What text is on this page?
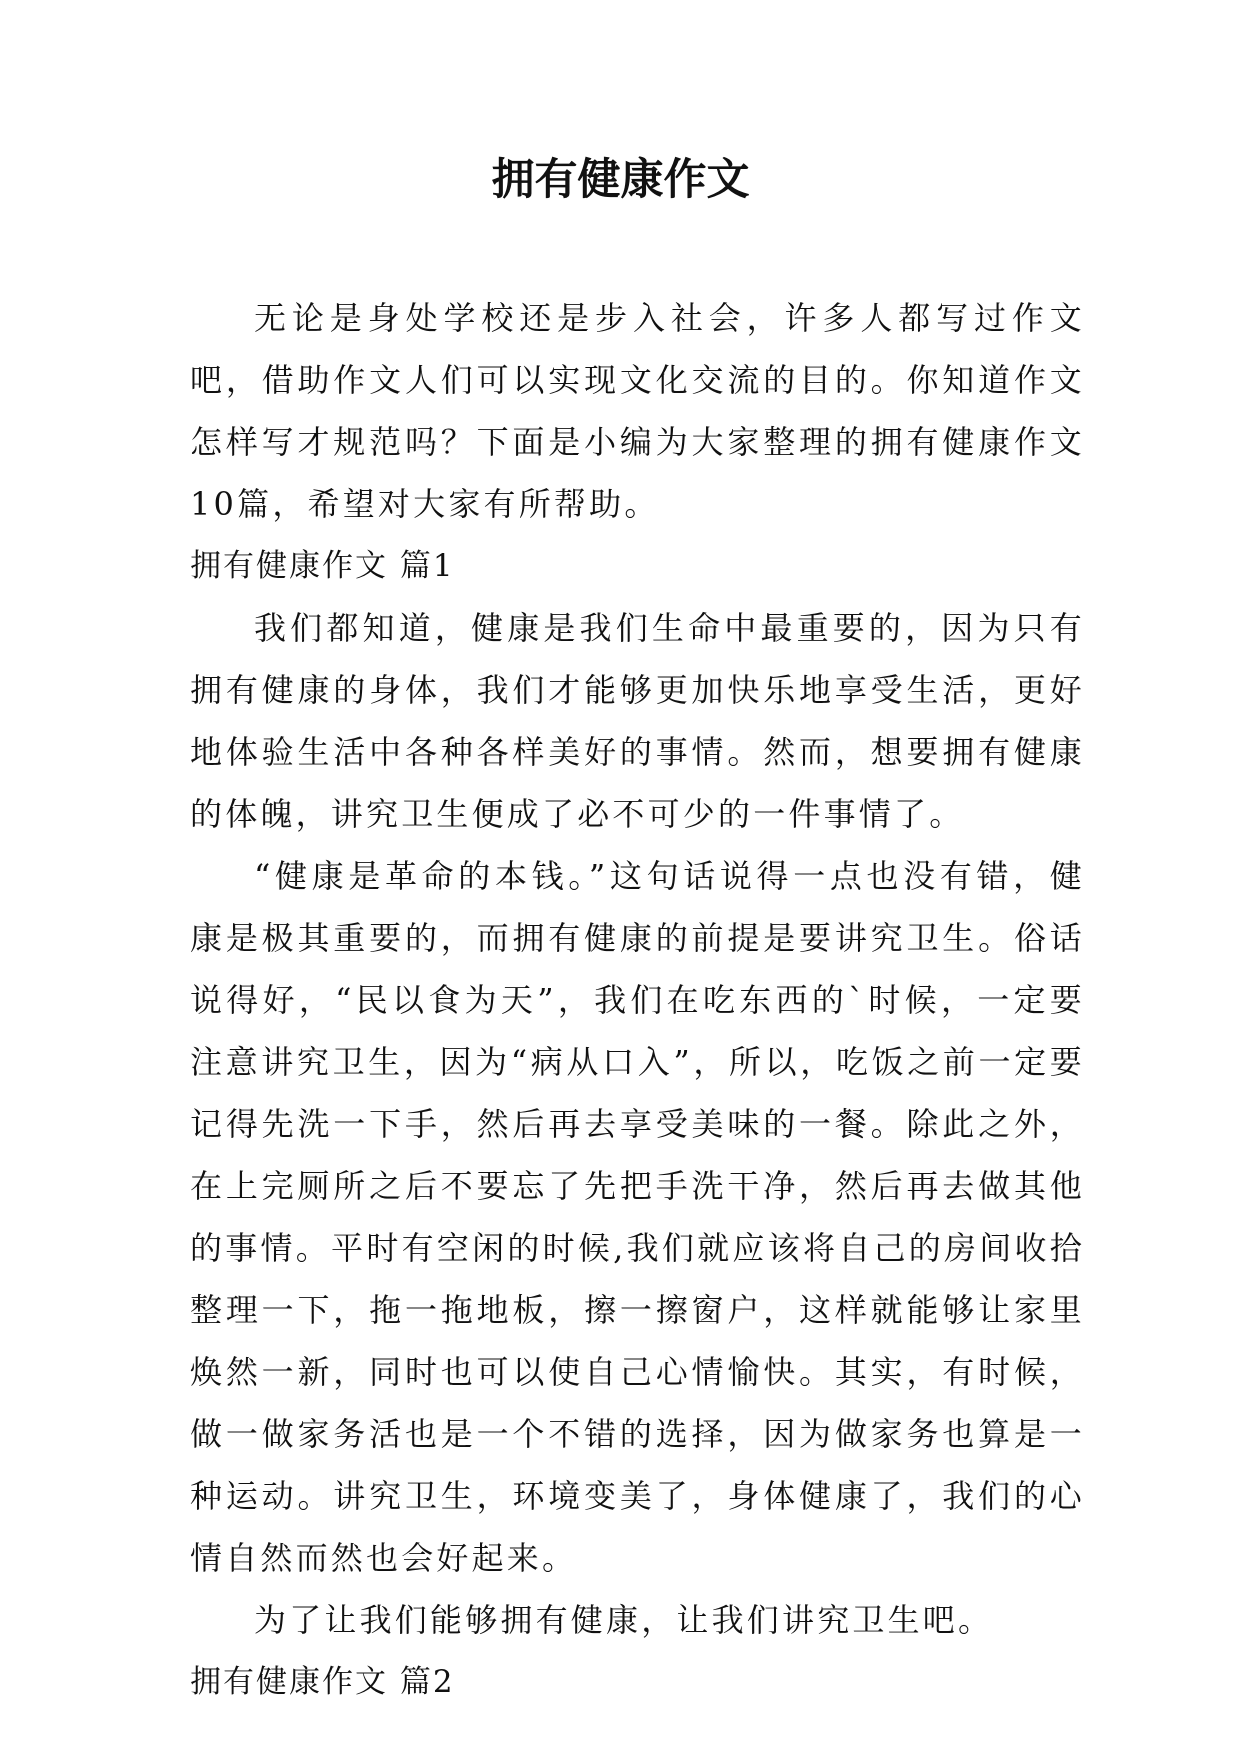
拥有健康作文

无论是身处学校还是步入社会，许多人都写过作文吧，借助作文人们可以实现文化交流的目的。你知道作文怎样写才规范吗？下面是小编为大家整理的拥有健康作文10篇，希望对大家有所帮助。

拥有健康作文 篇1

我们都知道，健康是我们生命中最重要的，因为只有拥有健康的身体，我们才能够更加快乐地享受生活，更好地体验生活中各种各样美好的事情。然而，想要拥有健康的体魄，讲究卫生便成了必不可少的一件事情了。

“健康是革命的本钱。”这句话说得一点也没有错，健康是极其重要的，而拥有健康的前提是要讲究卫生。俗话说得好，“民以食为天”，我们在吃东西的`时候，一定要注意讲究卫生，因为“病从口入”，所以，吃饭之前一定要记得先洗一下手，然后再去享受美味的一餐。除此之外，在上完厕所之后不要忘了先把手洗干净，然后再去做其他的事情。平时有空闲的时候,我们就应该将自己的房间收拾整理一下，拖一拖地板，擦一擦窗户，这样就能够让家里焕然一新，同时也可以使自己心情愉快。其实，有时候，做一做家务活也是一个不错的选择，因为做家务也算是一种运动。讲究卫生，环境变美了，身体健康了，我们的心情自然而然也会好起来。

为了让我们能够拥有健康，让我们讲究卫生吧。

拥有健康作文 篇2
